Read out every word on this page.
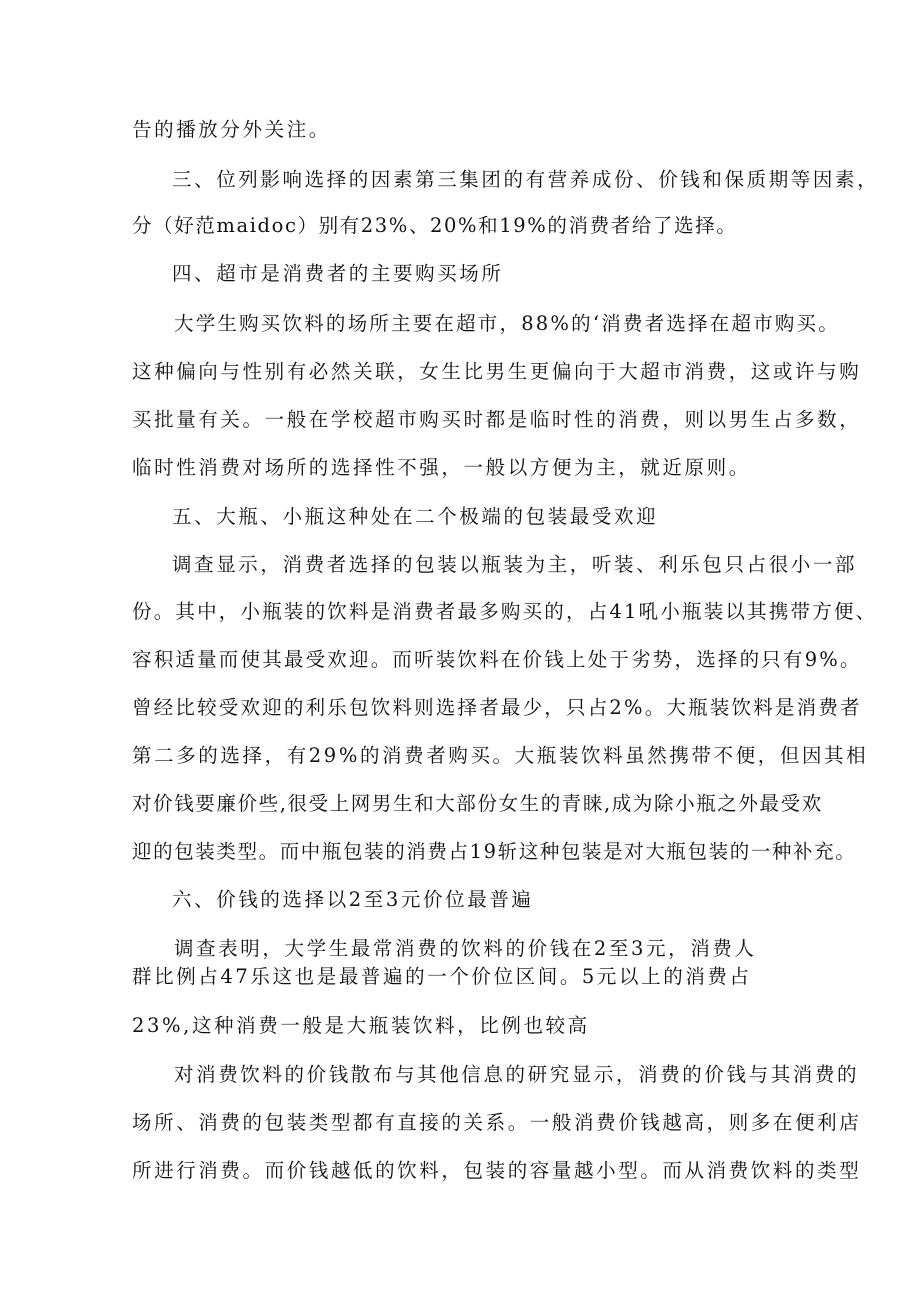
告的播放分外关注。
三、位列影响选择的因素第三集团的有营养成份、价钱和保质期等因素，
分（好范maidoc）别有23%、20%和19%的消费者给了选择。
四、超市是消费者的主要购买场所
大学生购买饮料的场所主要在超市，88%的‘消费者选择在超市购买。
这种偏向与性别有必然关联，女生比男生更偏向于大超市消费，这或许与购
买批量有关。一般在学校超市购买时都是临时性的消费，则以男生占多数，
临时性消费对场所的选择性不强，一般以方便为主，就近原则。
五、大瓶、小瓶这种处在二个极端的包装最受欢迎
调查显示，消费者选择的包装以瓶装为主，听装、利乐包只占很小一部
份。其中，小瓶装的饮料是消费者最多购买的，占41吼小瓶装以其携带方便、
容积适量而使其最受欢迎。而听装饮料在价钱上处于劣势，选择的只有9%。
曾经比较受欢迎的利乐包饮料则选择者最少，只占2%。大瓶装饮料是消费者
第二多的选择，有29%的消费者购买。大瓶装饮料虽然携带不便，但因其相
对价钱要廉价些,很受上网男生和大部份女生的青睐,成为除小瓶之外最受欢
迎的包装类型。而中瓶包装的消费占19斩这种包装是对大瓶包装的一种补充。
六、价钱的选择以2至3元价位最普遍
调查表明，大学生最常消费的饮料的价钱在2至3元，消费人
群比例占47乐这也是最普遍的一个价位区间。5元以上的消费占
23%,这种消费一般是大瓶装饮料，比例也较高
对消费饮料的价钱散布与其他信息的研究显示，消费的价钱与其消费的
场所、消费的包装类型都有直接的关系。一般消费价钱越高，则多在便利店
所进行消费。而价钱越低的饮料，包装的容量越小型。而从消费饮料的类型
